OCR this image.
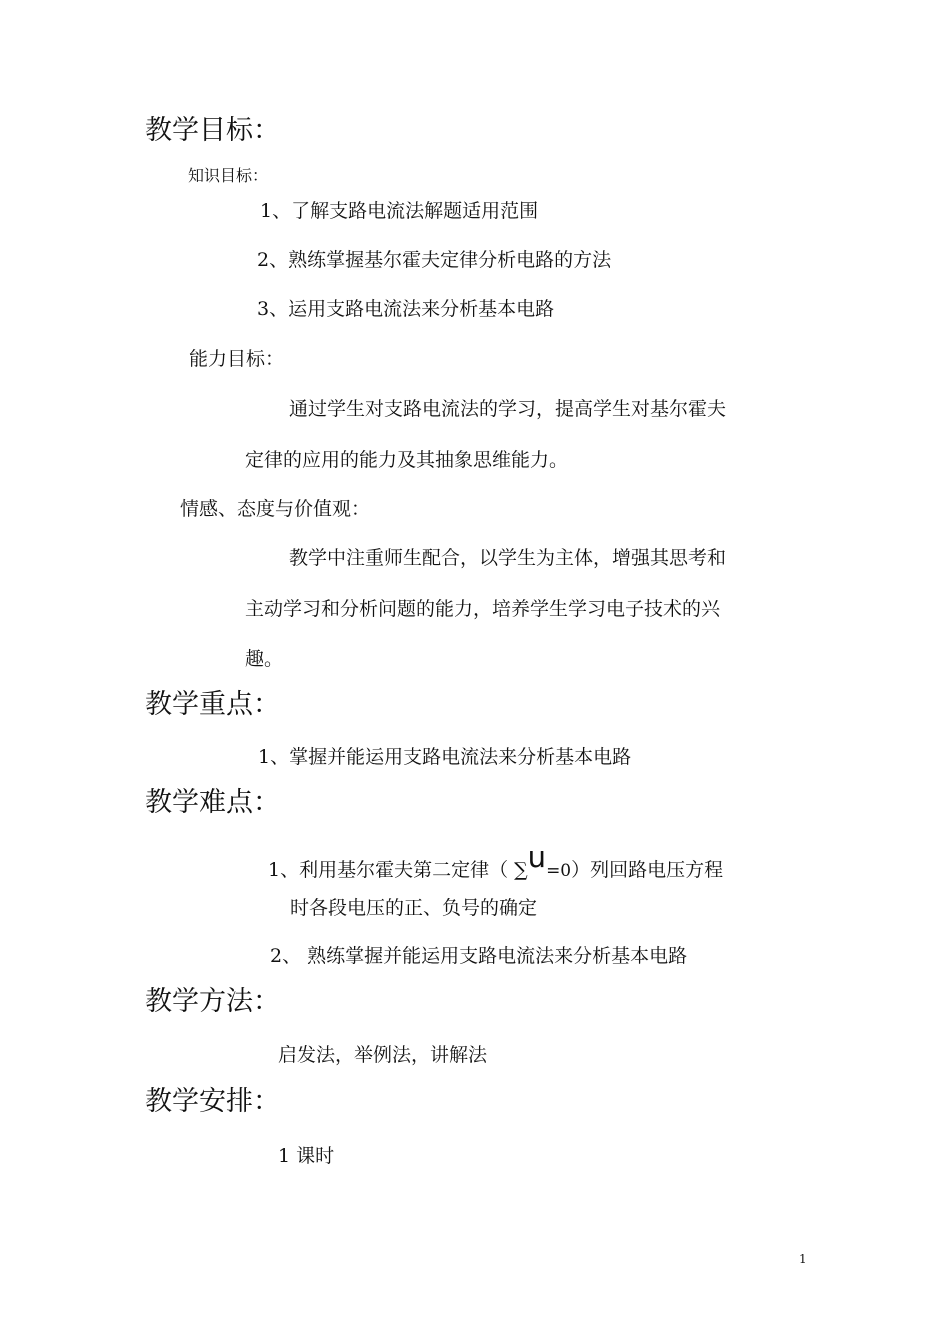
教学目标：
知识目标：
1、了解支路电流法解题适用范围
2、熟练掌握基尔霍夫定律分析电路的方法
3、运用支路电流法来分析基本电路
能力目标：
通过学生对支路电流法的学习，提高学生对基尔霍夫
定律的应用的能力及其抽象思维能力。
情感、态度与价值观：
教学中注重师生配合，以学生为主体，增强其思考和
主动学习和分析问题的能力，培养学生学习电子技术的兴
趣。
教学重点：
1、掌握并能运用支路电流法来分析基本电路
教学难点：
1、利用基尔霍夫第二定律（ ∑u=0）列回路电压方程
时各段电压的正、负号的确定
2、 熟练掌握并能运用支路电流法来分析基本电路
教学方法：
启发法，举例法，讲解法
教学安排：
1 课时
1
